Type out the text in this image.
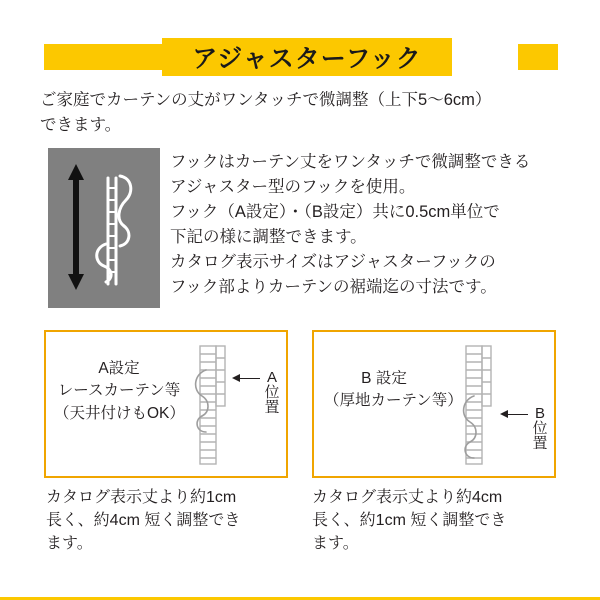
アジャスターフック
ご家庭でカーテンの丈がワンタッチで微調整（上下5〜6cm）
できます。
フックはカーテン丈をワンタッチで微調整できる
アジャスター型のフックを使用。
フック（A設定）・（B設定）共に0.5cm単位で
下記の様に調整できます。
カタログ表示サイズはアジャスターフックの
フック部よりカーテンの裾端迄の寸法です。
A設定
レースカーテン等
（天井付けもOK）
A
位
置
B 設定
（厚地カーテン等）
B
位
置
カタログ表示丈より約1cm
長く、約4cm 短く調整でき
ます。
カタログ表示丈より約4cm
長く、約1cm 短く調整でき
ます。
